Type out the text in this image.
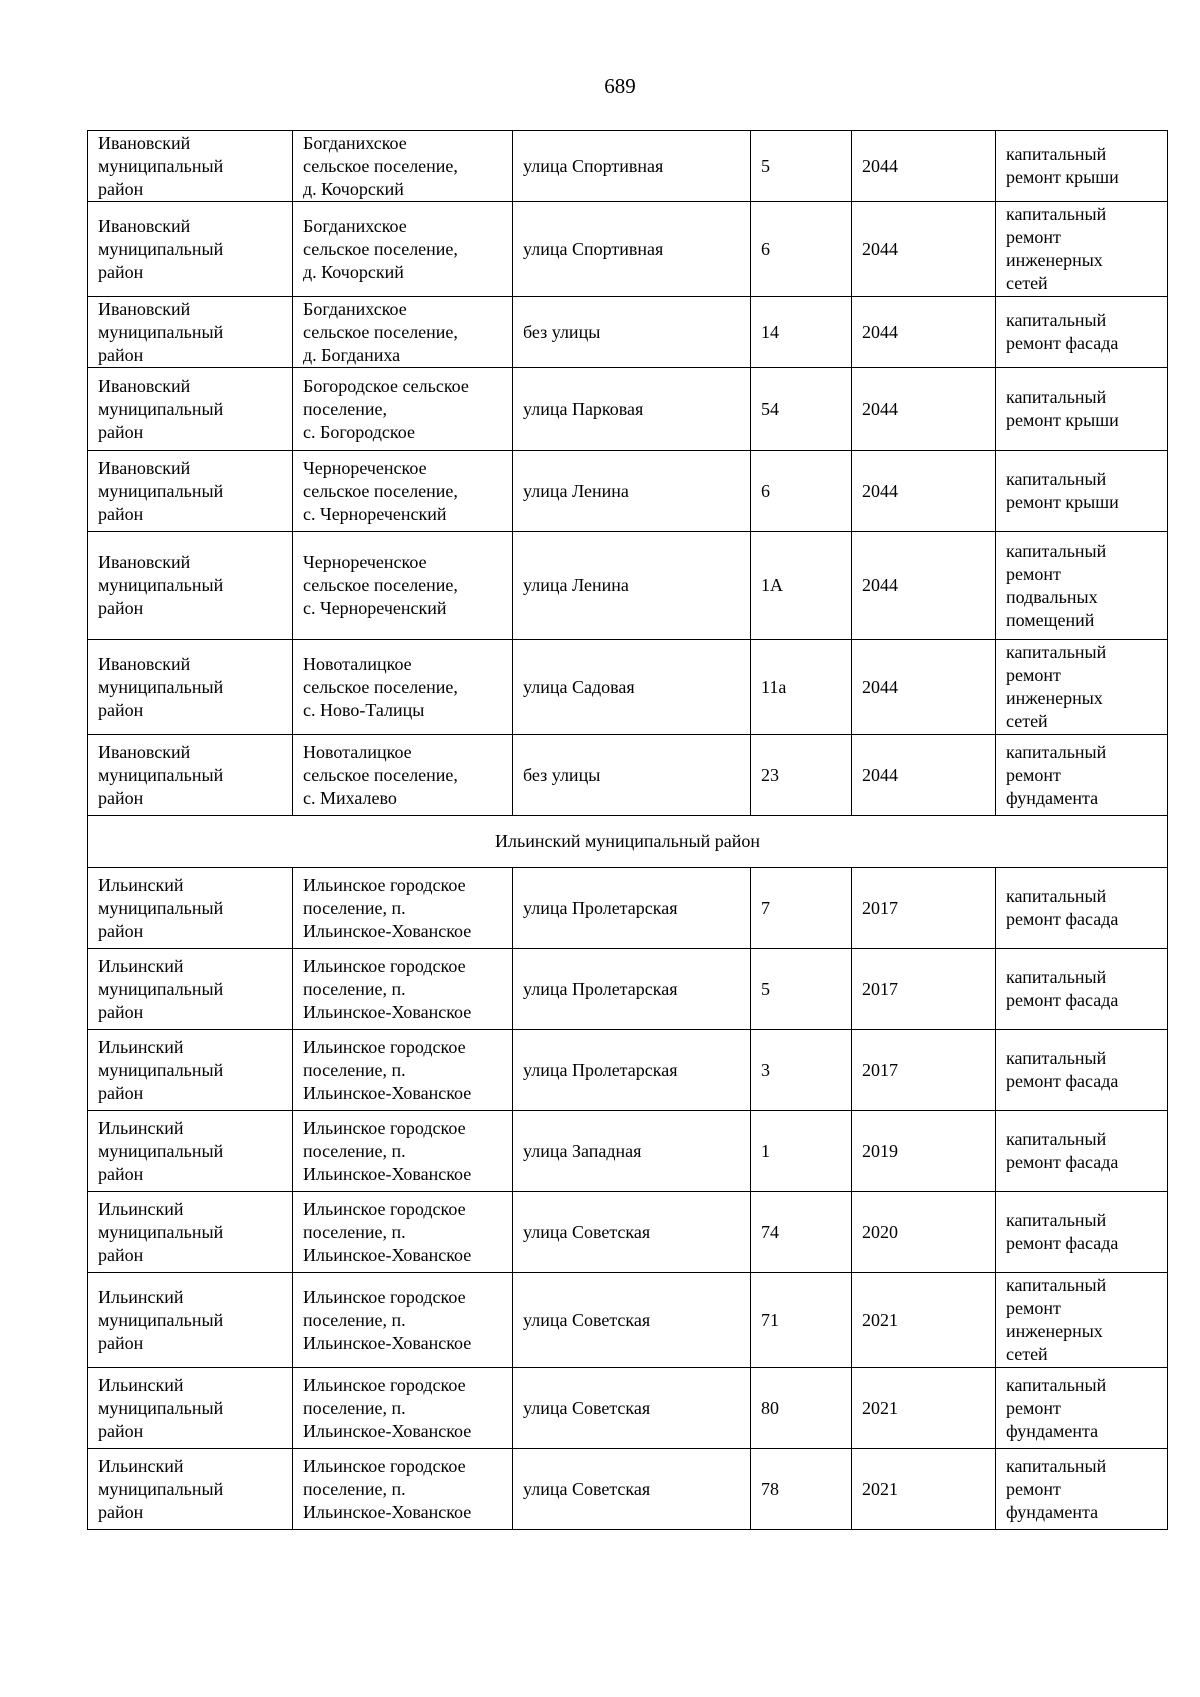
689
Ивановский
муниципальный
район	Богданихское
сельское поселение,
д. Кочорский	улица Спортивная	5	2044	капитальный
ремонт крыши
Ивановский
муниципальный
район	Богданихское
сельское поселение,
д. Кочорский	улица Спортивная	6	2044	капитальный
ремонт
инженерных
сетей
Ивановский
муниципальный
район	Богданихское
сельское поселение,
д. Богданиха	без улицы	14	2044	капитальный
ремонт фасада
Ивановский
муниципальный
район	Богородское сельское
поселение,
с. Богородское	улица Парковая	54	2044	капитальный
ремонт крыши
Ивановский
муниципальный
район	Чернореченское
сельское поселение,
с. Чернореченский	улица Ленина	6	2044	капитальный
ремонт крыши
Ивановский
муниципальный
район	Чернореченское
сельское поселение,
с. Чернореченский	улица Ленина	1А	2044	капитальный
ремонт
подвальных
помещений
Ивановский
муниципальный
район	Новоталицкое
сельское поселение,
с. Ново-Талицы	улица Садовая	11а	2044	капитальный
ремонт
инженерных
сетей
Ивановский
муниципальный
район	Новоталицкое
сельское поселение,
с. Михалево	без улицы	23	2044	капитальный
ремонт
фундамента
Ильинский муниципальный район					
Ильинский
муниципальный
район	Ильинское городское
поселение, п.
Ильинское-Хованское	улица Пролетарская	7	2017	капитальный
ремонт фасада
Ильинский
муниципальный
район	Ильинское городское
поселение, п.
Ильинское-Хованское	улица Пролетарская	5	2017	капитальный
ремонт фасада
Ильинский
муниципальный
район	Ильинское городское
поселение, п.
Ильинское-Хованское	улица Пролетарская	3	2017	капитальный
ремонт фасада
Ильинский
муниципальный
район	Ильинское городское
поселение, п.
Ильинское-Хованское	улица Западная	1	2019	капитальный
ремонт фасада
Ильинский
муниципальный
район	Ильинское городское
поселение, п.
Ильинское-Хованское	улица Советская	74	2020	капитальный
ремонт фасада
Ильинский
муниципальный
район	Ильинское городское
поселение, п.
Ильинское-Хованское	улица Советская	71	2021	капитальный
ремонт
инженерных
сетей
Ильинский
муниципальный
район	Ильинское городское
поселение, п.
Ильинское-Хованское	улица Советская	80	2021	капитальный
ремонт
фундамента
Ильинский
муниципальный
район	Ильинское городское
поселение, п.
Ильинское-Хованское	улица Советская	78	2021	капитальный
ремонт
фундамента
